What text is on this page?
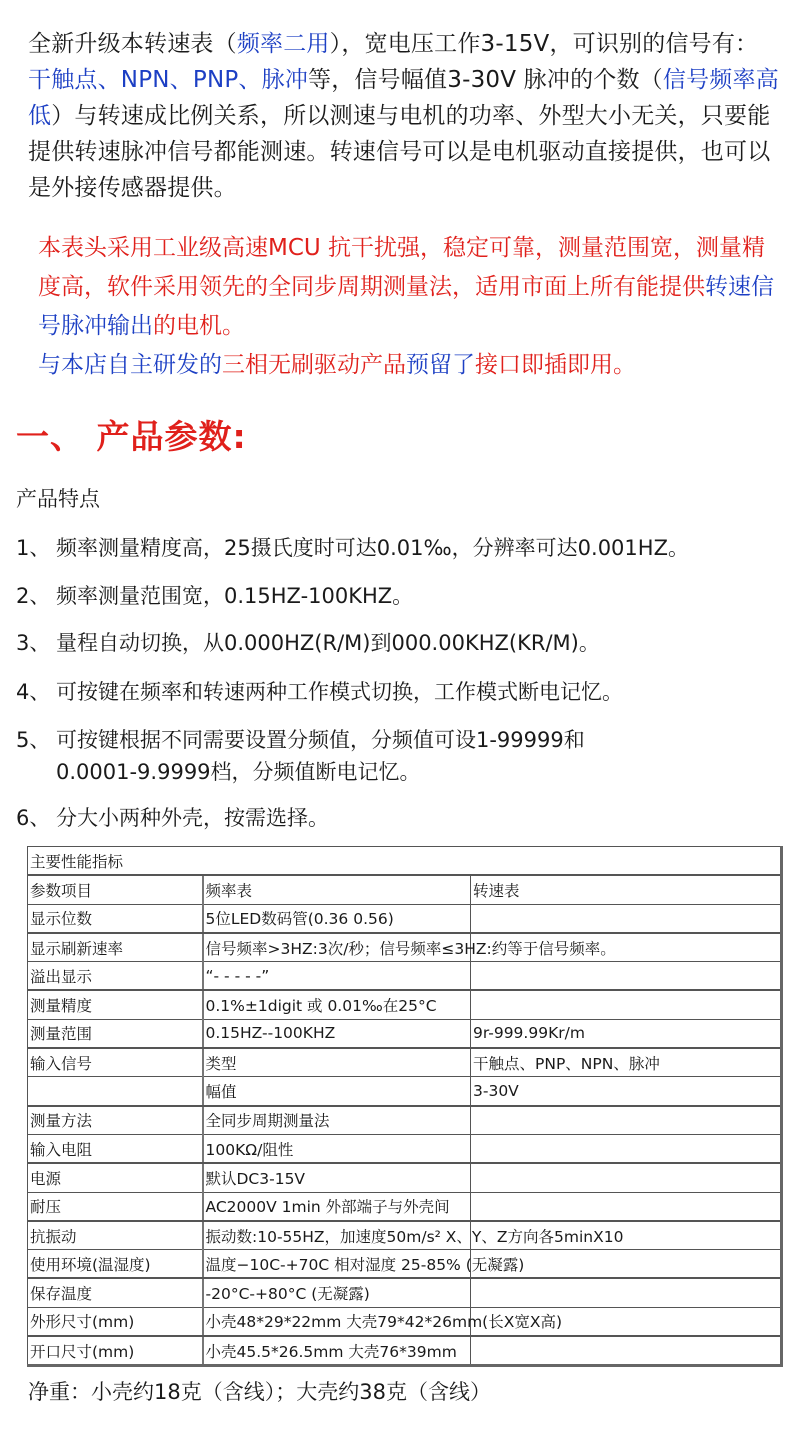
全新升级本转速表（频率二用），宽电压工作3-15V，可识别的信号有：干触点、NPN、PNP、脉冲等，信号幅值3-30V 脉冲的个数（信号频率高 低）与转速成比例关系，所以测速与电机的功率、外型大小无关，只要能提供转速脉冲信号都能测速。转速信号可以是电机驱动直接提供，也可以是外接传感器提供。
本表头采用工业级高速MCU 抗干扰强，稳定可靠，测量范围宽，测量精度高，软件采用领先的全同步周期测量法，适用市面上所有能提供转速信号脉冲输出的电机。
与本店自主研发的三相无刷驱动产品预留了接口即插即用。
一、 产品参数:
产品特点
1、 频率测量精度高，25摄氏度时可达0.01‰，分辨率可达0.001HZ。
2、 频率测量范围宽，0.15HZ-100KHZ。
3、 量程自动切换，从0.000HZ(R/M)到000.00KHZ(KR/M)。
4、 可按键在频率和转速两种工作模式切换，工作模式断电记忆。
5、 可按键根据不同需要设置分频值，分频值可设1-99999和
0.0001-9.9999档，分频值断电记忆。
6、 分大小两种外壳，按需选择。
主要性能指标		
参数项目	频率表	转速表
显示位数	5位LED数码管(0.36 0.56)	
显示刷新速率	信号频率>3HZ:3次/秒；信号频率≤3HZ:约等于信号频率。	
溢出显示	“- - - - -”	
测量精度	0.1%±1digit 或 0.01‰在25°C	
测量范围	0.15HZ--100KHZ	9r-999.99Kr/m
输入信号	类型	干触点、PNP、NPN、脉冲
	幅值	3-30V
测量方法	全同步周期测量法	
输入电阻	100KΩ/阻性	
电源	默认DC3-15V	
耐压	AC2000V 1min 外部端子与外壳间	
抗振动	振动数:10-55HZ，加速度50m/s² X、Y、Z方向各5minX10	
使用环境(温湿度)	温度−10C-+70C 相对湿度 25-85% (无凝露)	
保存温度	-20°C-+80°C (无凝露)	
外形尺寸(mm)	小壳48*29*22mm 大壳79*42*26mm(长X宽X高)	
开口尺寸(mm)	小壳45.5*26.5mm 大壳76*39mm	
净重：小壳约18克（含线）；大壳约38克（含线）
